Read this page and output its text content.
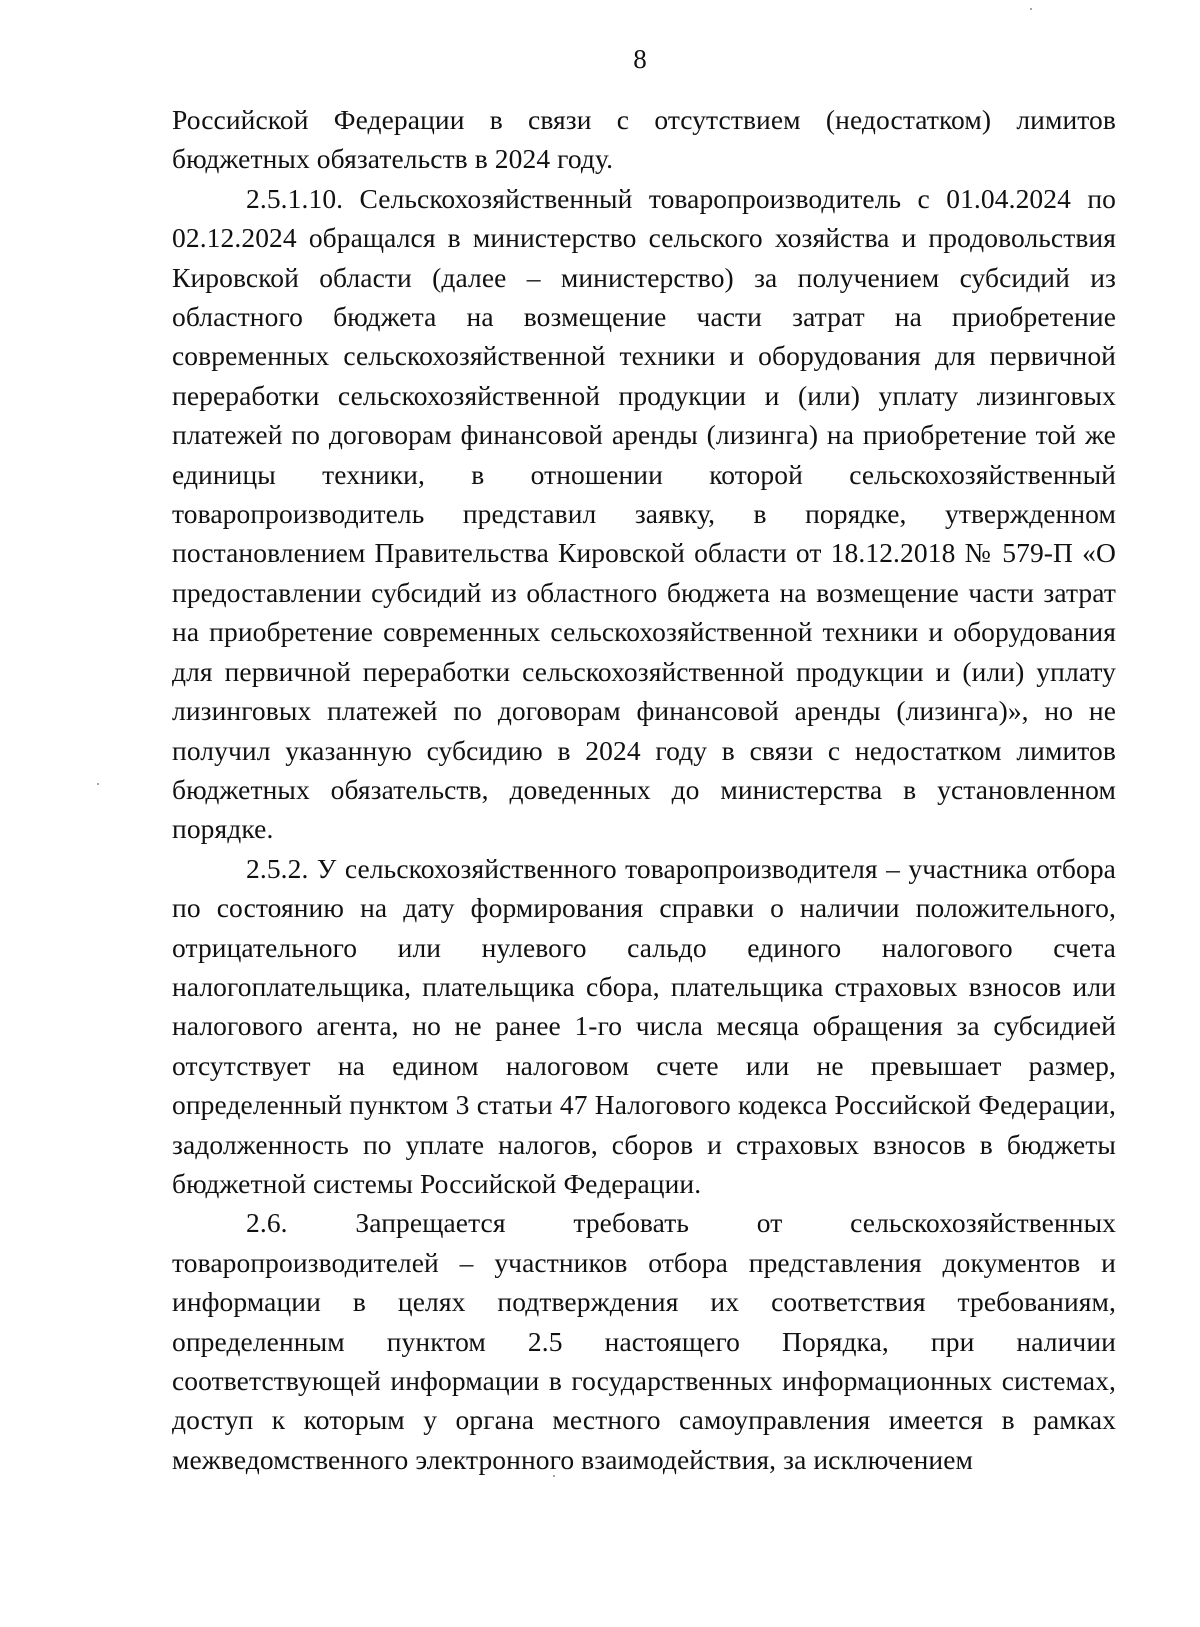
8

Российской Федерации в связи с отсутствием (недостатком) лимитов бюджетных обязательств в 2024 году.

2.5.1.10. Сельскохозяйственный товаропроизводитель с 01.04.2024 по 02.12.2024 обращался в министерство сельского хозяйства и продовольствия Кировской области (далее – министерство) за получением субсидий из областного бюджета на возмещение части затрат на приобретение современных сельскохозяйственной техники и оборудования для первичной переработки сельскохозяйственной продукции и (или) уплату лизинговых платежей по договорам финансовой аренды (лизинга) на приобретение той же единицы техники, в отношении которой сельскохозяйственный товаропроизводитель представил заявку, в порядке, утвержденном постановлением Правительства Кировской области от 18.12.2018 № 579-П «О предоставлении субсидий из областного бюджета на возмещение части затрат на приобретение современных сельскохозяйственной техники и оборудования для первичной переработки сельскохозяйственной продукции и (или) уплату лизинговых платежей по договорам финансовой аренды (лизинга)», но не получил указанную субсидию в 2024 году в связи с недостатком лимитов бюджетных обязательств, доведенных до министерства в установленном порядке.

2.5.2. У сельскохозяйственного товаропроизводителя – участника отбора по состоянию на дату формирования справки о наличии положительного, отрицательного или нулевого сальдо единого налогового счета налогоплательщика, плательщика сбора, плательщика страховых взносов или налогового агента, но не ранее 1-го числа месяца обращения за субсидией отсутствует на едином налоговом счете или не превышает размер, определенный пунктом 3 статьи 47 Налогового кодекса Российской Федерации, задолженность по уплате налогов, сборов и страховых взносов в бюджеты бюджетной системы Российской Федерации.

2.6. Запрещается требовать от сельскохозяйственных товаропроизводителей – участников отбора представления документов и информации в целях подтверждения их соответствия требованиям, определенным пунктом 2.5 настоящего Порядка, при наличии соответствующей информации в государственных информационных системах, доступ к которым у органа местного самоуправления имеется в рамках межведомственного электронного взаимодействия, за исключением
